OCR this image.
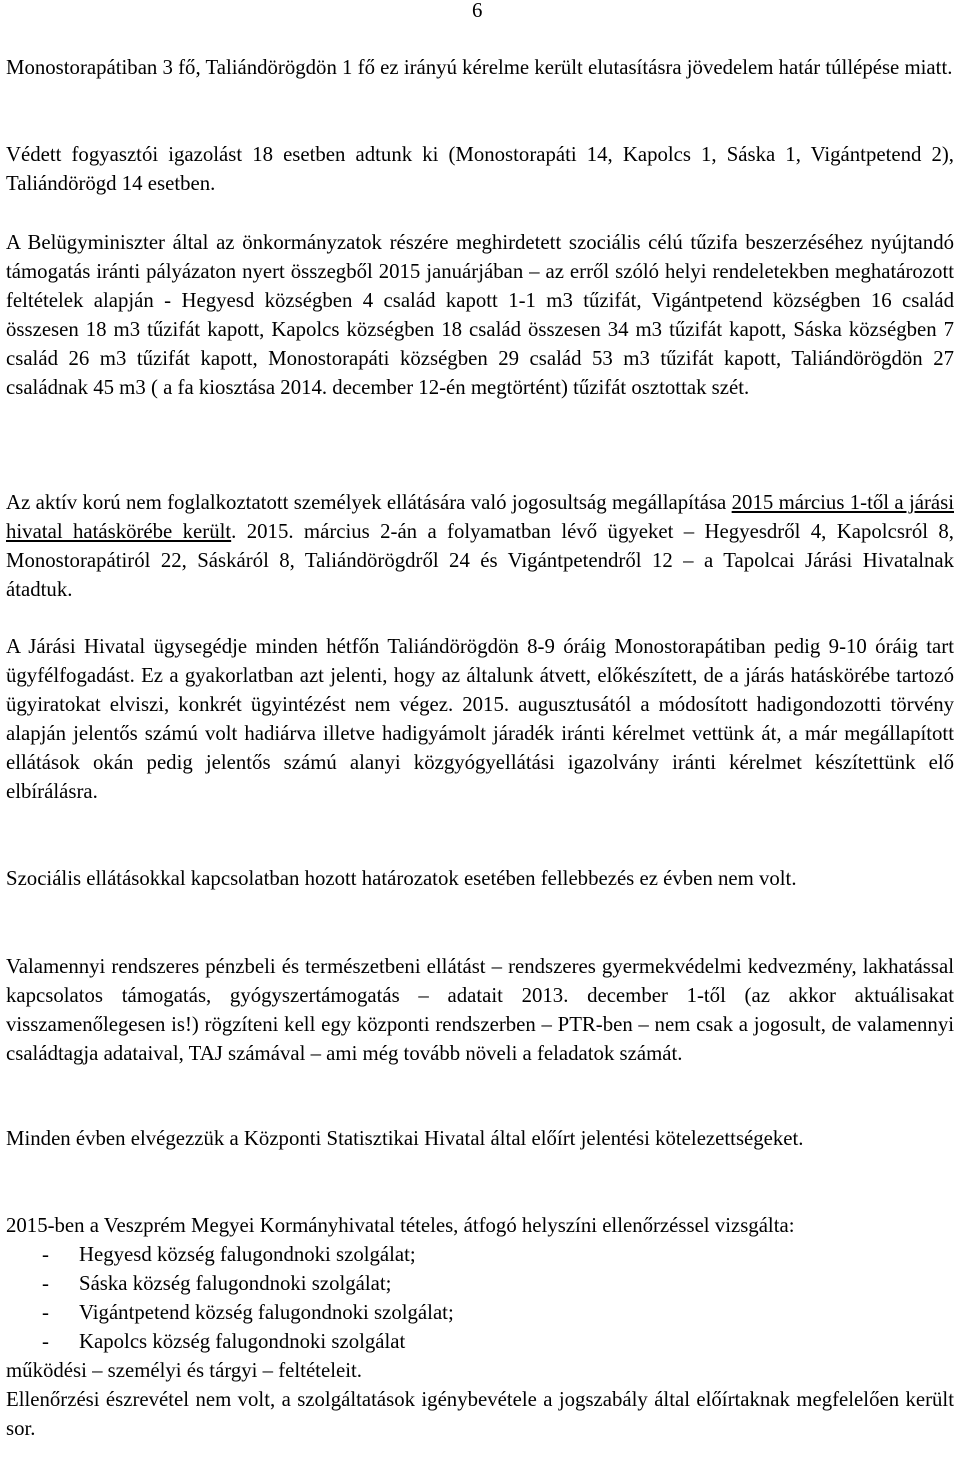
6

Monostorapátiban 3 fő, Taliándörögdön 1 fő ez irányú kérelme került elutasításra jövedelem határ túllépése miatt.

Védett fogyasztói igazolást 18 esetben adtunk ki (Monostorapáti 14, Kapolcs 1, Sáska 1, Vigántpetend 2), Taliándörögd 14 esetben.

A Belügyminiszter által az önkormányzatok részére meghirdetett szociális célú tűzifa beszerzéséhez nyújtandó támogatás iránti pályázaton nyert összegből 2015 januárjában – az erről szóló helyi rendeletekben meghatározott feltételek alapján - Hegyesd községben 4 család kapott 1-1 m3 tűzifát, Vigántpetend községben 16 család összesen 18 m3 tűzifát kapott, Kapolcs községben 18 család összesen 34 m3 tűzifát kapott, Sáska községben 7 család 26 m3 tűzifát kapott, Monostorapáti községben 29 család 53 m3 tűzifát kapott, Taliándörögdön 27 családnak 45 m3 ( a fa kiosztása 2014. december 12-én megtörtént) tűzifát osztottak szét.

Az aktív korú nem foglalkoztatott személyek ellátására való jogosultság megállapítása 2015 március 1-től a járási hivatal hatáskörébe került. 2015. március 2-án a folyamatban lévő ügyeket – Hegyesdről 4, Kapolcsról 8, Monostorapátiról 22, Sáskáról 8, Taliándörögdről 24 és Vigántpetendről 12 – a Tapolcai Járási Hivatalnak átadtuk.

A Járási Hivatal ügysegédje minden hétfőn Taliándörögdön 8-9 óráig Monostorapátiban pedig 9-10 óráig tart ügyfélfogadást. Ez a gyakorlatban azt jelenti, hogy az általunk átvett, előkészített, de a járás hatáskörébe tartozó ügyiratokat elviszi, konkrét ügyintézést nem végez. 2015. augusztusától a módosított hadigondozotti törvény alapján jelentős számú volt hadiárva illetve hadigyámolt járadék iránti kérelmet vettünk át, a már megállapított ellátások okán pedig jelentős számú alanyi közgyógyellátási igazolvány iránti kérelmet készítettünk elő elbírálásra.

Szociális ellátásokkal kapcsolatban hozott határozatok esetében fellebbezés ez évben nem volt.

Valamennyi rendszeres pénzbeli és természetbeni ellátást – rendszeres gyermekvédelmi kedvezmény, lakhatással kapcsolatos támogatás, gyógyszertámogatás – adatait 2013. december 1-től (az akkor aktuálisakat visszamenőlegesen is!) rögzíteni kell egy központi rendszerben – PTR-ben – nem csak a jogosult, de valamennyi családtagja adataival, TAJ számával – ami még tovább növeli a feladatok számát.

Minden évben elvégezzük a Központi Statisztikai Hivatal által előírt jelentési kötelezettségeket.

2015-ben a Veszprém Megyei Kormányhivatal tételes, átfogó helyszíni ellenőrzéssel vizsgálta:

- Hegyesd község falugondnoki szolgálat;
- Sáska község falugondnoki szolgálat;
- Vigántpetend község falugondnoki szolgálat;
- Kapolcs község falugondnoki szolgálat

működési – személyi és tárgyi – feltételeit.

Ellenőrzési észrevétel nem volt, a szolgáltatások igénybevétele a jogszabály által előírtaknak megfelelően került sor.
